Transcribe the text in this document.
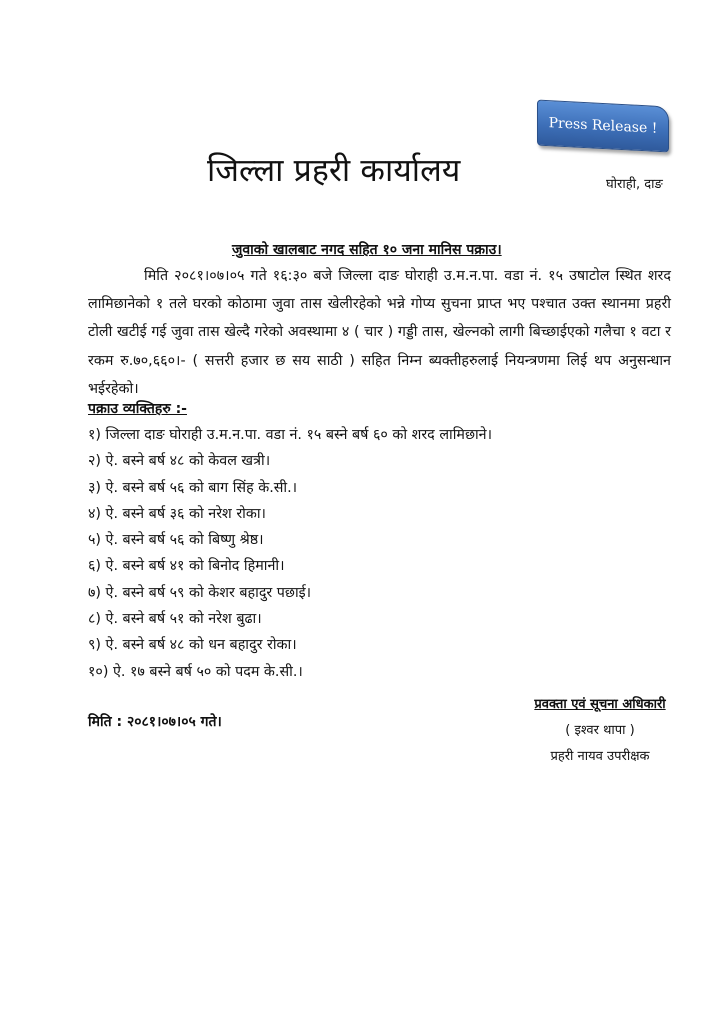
Press Release !
जिल्ला प्रहरी कार्यालय	घोराही, दाङ
जुवाको खालबाट नगद सहित १० जना मानिस पक्राउ।

मिति २०८१।०७।०५ गते १६:३० बजे जिल्ला दाङ घोराही उ.म.न.पा. वडा नं. १५ उषाटोल स्थित शरद लामिछानेको १ तले घरको कोठामा जुवा तास खेलीरहेको भन्ने गोप्य सुचना प्राप्त भए पश्चात उक्त स्थानमा प्रहरी टोली खटीई गई जुवा तास खेल्दै गरेको अवस्थामा ४ ( चार ) गड्डी तास, खेल्नको लागी बिच्छाईएको गलैचा १ वटा र रकम रु.७०,६६०।- ( सत्तरी हजार छ सय साठी ) सहित निम्न ब्यक्तीहरुलाई नियन्त्रणमा लिई थप अनुसन्धान भईरहेको।

पक्राउ व्यक्तिहरु :-
१) जिल्ला दाङ घोराही उ.म.न.पा. वडा नं. १५ बस्ने बर्ष ६० को शरद लामिछाने।
२) ऐ. बस्ने बर्ष ४८ को केवल खत्री।
३) ऐ. बस्ने बर्ष ५६ को बाग सिंह के.सी.।
४) ऐ. बस्ने बर्ष ३६ को नरेश रोका।
५) ऐ. बस्ने बर्ष ५६ को बिष्णु श्रेष्ठ।
६) ऐ. बस्ने बर्ष ४१ को बिनोद हिमानी।
७) ऐ. बस्ने बर्ष ५९ को केशर बहादुर पछाई।
८) ऐ. बस्ने बर्ष ५१ को नरेश बुढा।
९) ऐ. बस्ने बर्ष ४८ को धन बहादुर रोका।
१०) ऐ. १७ बस्ने बर्ष ५० को पदम के.सी.।
मिति : २०८१।०७।०५ गते।
प्रवक्ता एवं सूचना अधिकारी
( इश्वर थापा )
प्रहरी नायव उपरीक्षक
